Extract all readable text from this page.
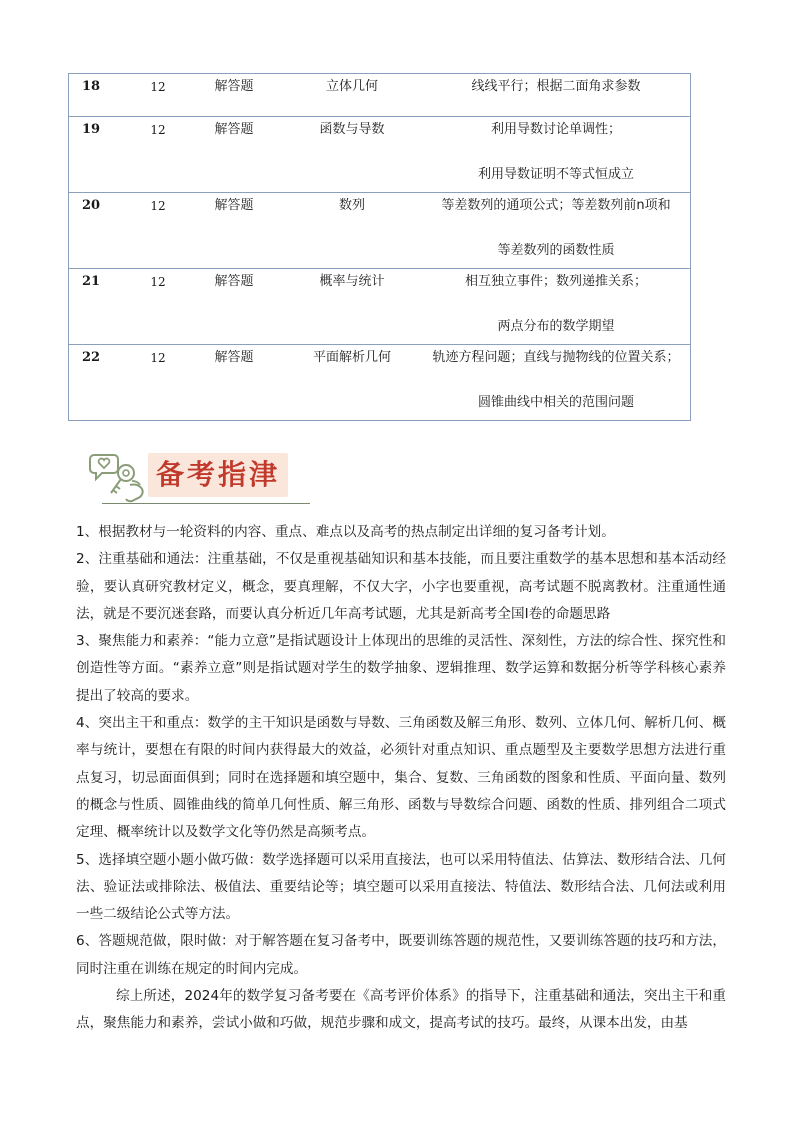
18	12	解答题	立体几何	线线平行；根据二面角求参数

19	12	解答题	函数与导数	利用导数讨论单调性；
利用导数证明不等式恒成立

20	12	解答题	数列	等差数列的通项公式；等差数列前n项和
等差数列的函数性质

21	12	解答题	概率与统计	相互独立事件；数列递推关系；
两点分布的数学期望

22	12	解答题	平面解析几何	轨迹方程问题；直线与抛物线的位置关系；
圆锥曲线中相关的范围问题
备考指津

1、根据教材与一轮资料的内容、重点、难点以及高考的热点制定出详细的复习备考计划。

2、注重基础和通法：注重基础，不仅是重视基础知识和基本技能，而且要注重数学的基本思想和基本活动经验，要认真研究教材定义，概念，要真理解，不仅大字，小字也要重视，高考试题不脱离教材。注重通性通法，就是不要沉迷套路，而要认真分析近几年高考试题，尤其是新高考全国Ⅰ卷的命题思路

3、聚焦能力和素养：“能力立意”是指试题设计上体现出的思维的灵活性、深刻性，方法的综合性、探究性和创造性等方面。“素养立意”则是指试题对学生的数学抽象、逻辑推理、数学运算和数据分析等学科核心素养提出了较高的要求。

4、突出主干和重点：数学的主干知识是函数与导数、三角函数及解三角形、数列、立体几何、解析几何、概率与统计，要想在有限的时间内获得最大的效益，必须针对重点知识、重点题型及主要数学思想方法进行重点复习，切忌面面俱到；同时在选择题和填空题中，集合、复数、三角函数的图象和性质、平面向量、数列的概念与性质、圆锥曲线的简单几何性质、解三角形、函数与导数综合问题、函数的性质、排列组合二项式定理、概率统计以及数学文化等仍然是高频考点。

5、选择填空题小题小做巧做：数学选择题可以采用直接法，也可以采用特值法、估算法、数形结合法、几何法、验证法或排除法、极值法、重要结论等；填空题可以采用直接法、特值法、数形结合法、几何法或利用一些二级结论公式等方法。

6、答题规范做，限时做：对于解答题在复习备考中，既要训练答题的规范性，又要训练答题的技巧和方法，同时注重在训练在规定的时间内完成。

综上所述，2024年的数学复习备考要在《高考评价体系》的指导下，注重基础和通法，突出主干和重点，聚焦能力和素养，尝试小做和巧做，规范步骤和成文，提高考试的技巧。最终，从课本出发，由基
